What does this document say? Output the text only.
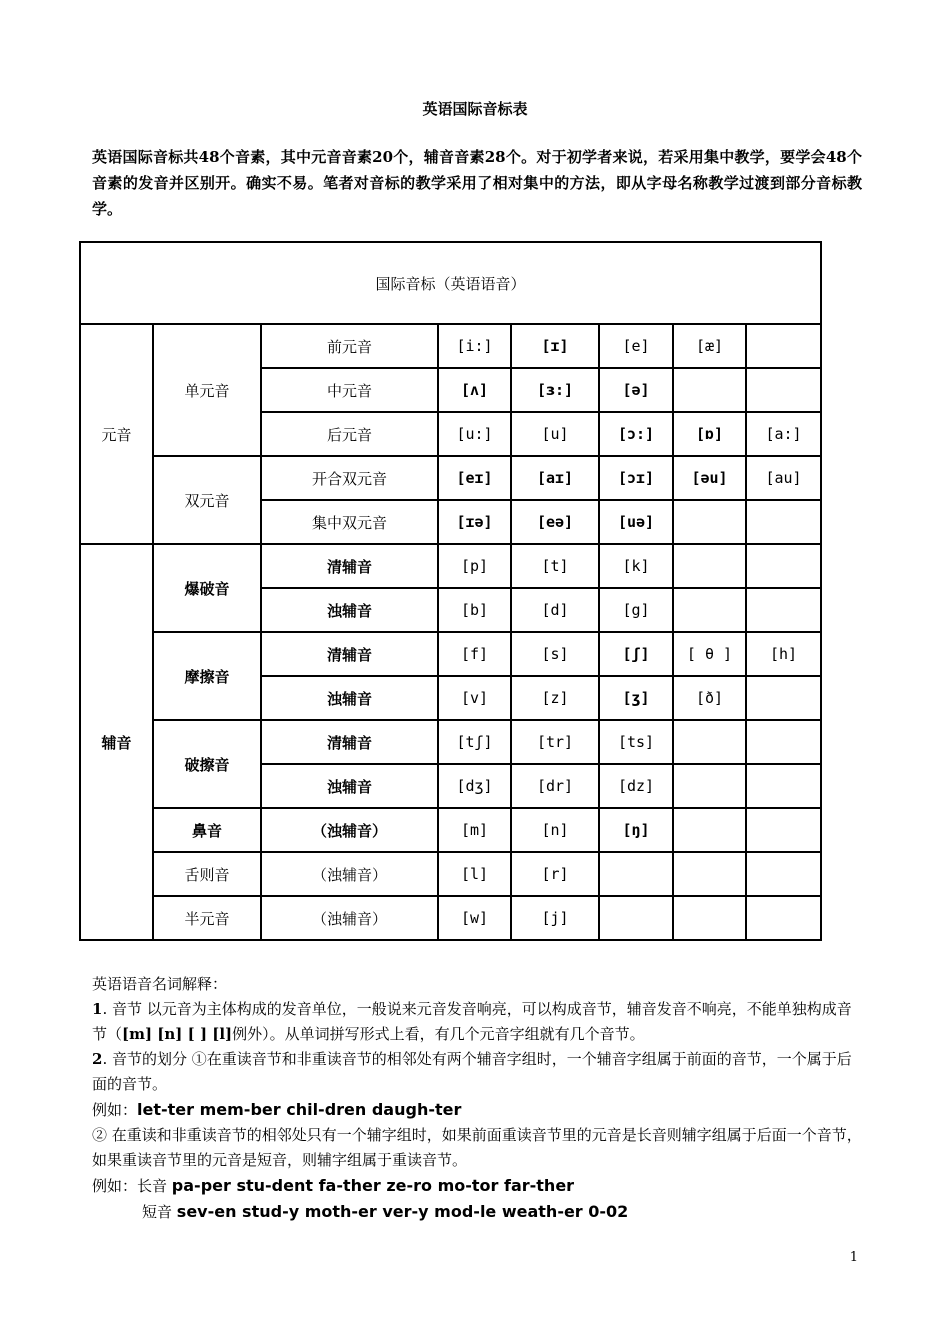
英语国际音标表
英语国际音标共48个音素，其中元音音素20个，辅音音素28个。对于初学者来说，若采用集中教学，要学会48个音素的发音并区别开。确实不易。笔者对音标的教学采用了相对集中的方法，即从字母名称教学过渡到部分音标教学。
国际音标（英语语音）							
元音	单元音	前元音	[i:]	[ɪ]	[e]	[æ]	
		中元音	[ʌ]	[ɜ:]	[ə]		
		后元音	[u:]	[u]	[ɔ:]	[ɒ]	[a:]
	双元音	开合双元音	[eɪ]	[aɪ]	[ɔɪ]	[əu]	[au]
		集中双元音	[ɪə]	[eə]	[uə]		
辅音	爆破音	清辅音	[p]	[t]	[k]		
		浊辅音	[b]	[d]	[g]		
	摩擦音	清辅音	[f]	[s]	[ʃ]	[ θ ]	[h]
		浊辅音	[v]	[z]	[ʒ]	[ð]	
	破擦音	清辅音	[tʃ]	[tr]	[ts]		
		浊辅音	[dʒ]	[dr]	[dz]		
	鼻音	（浊辅音）	[m]	[n]	[ŋ]		
	舌则音	（浊辅音）	[l]	[r]			
	半元音	（浊辅音）	[w]	[j]			

英语语音名词解释：

1. 音节 以元音为主体构成的发音单位，一般说来元音发音响亮，可以构成音节，辅音发音不响亮，不能单独构成音节（[m] [n] [ ] [l]例外）。从单词拼写形式上看，有几个元音字组就有几个音节。

2. 音节的划分 ①在重读音节和非重读音节的相邻处有两个辅音字组时，一个辅音字组属于前面的音节，一个属于后面的音节。

例如：let-ter mem-ber chil-dren daugh-ter

② 在重读和非重读音节的相邻处只有一个辅字组时，如果前面重读音节里的元音是长音则辅字组属于后面一个音节，如果重读音节里的元音是短音，则辅字组属于重读音节。

例如：长音 pa-per stu-dent fa-ther ze-ro mo-tor far-ther

短音 sev-en stud-y moth-er ver-y mod-le weath-er 0-02

1
